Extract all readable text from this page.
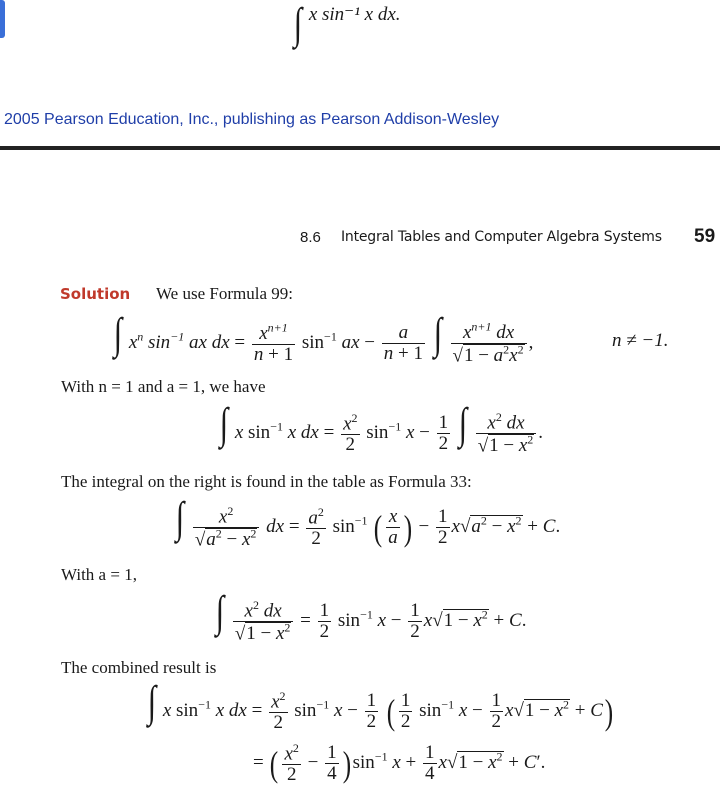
∫ x sin⁻¹ x dx.
2005 Pearson Education, Inc., publishing as Pearson Addison-Wesley
8.6 Integral Tables and Computer Algebra Systems 59
Solution We use Formula 99:
∫ $x^n$ $\sin^{-1}$ ax dx = $\frac{x^{n+1}}{n + 1} \sin^{-1}$ ax − $\frac{a}{n + 1}$ ∫ $\frac{x^{n+1} dx}{√1 - a^2x^2}$ ,	n ≠ −1.
With n = 1 and a = 1, we have
∫ x $\sin^{-1} x$ dx = $\frac{x^2}{2} \sin^{-1} x - \frac{1}{2}$ ∫ $\frac{x^2 dx}{√1 - x^2}$ .
The integral on the right is found in the table as Formula 33:
∫ $\frac{x^2}{√a^2 - x^2}$ dx = $\frac{a^2}{2} \sin^{-1}$ ( $\frac{x}{a}$ ) − $\frac{1}{2} x√a^2 - x^2 + C$.
With a = 1,
∫ $\frac{x^2 dx}{√1 - x^2} = \frac{1}{2} \sin^{-1} x - \frac{1}{2} x√1 - x^2 + C$.
The combined result is
∫ x $\sin^{-1} x$ dx = $\frac{x^2}{2} \sin^{-1} x - \frac{1}{2}$ ( $\frac{1}{2} \sin^{-1} x - \frac{1}{2} x√1 - x^2 + C$)
= ( $\frac{x^2}{2} - \frac{1}{4} )\sin^{-1}$ $x + \frac{1}{4} x√1 - x^2 + C'$.
